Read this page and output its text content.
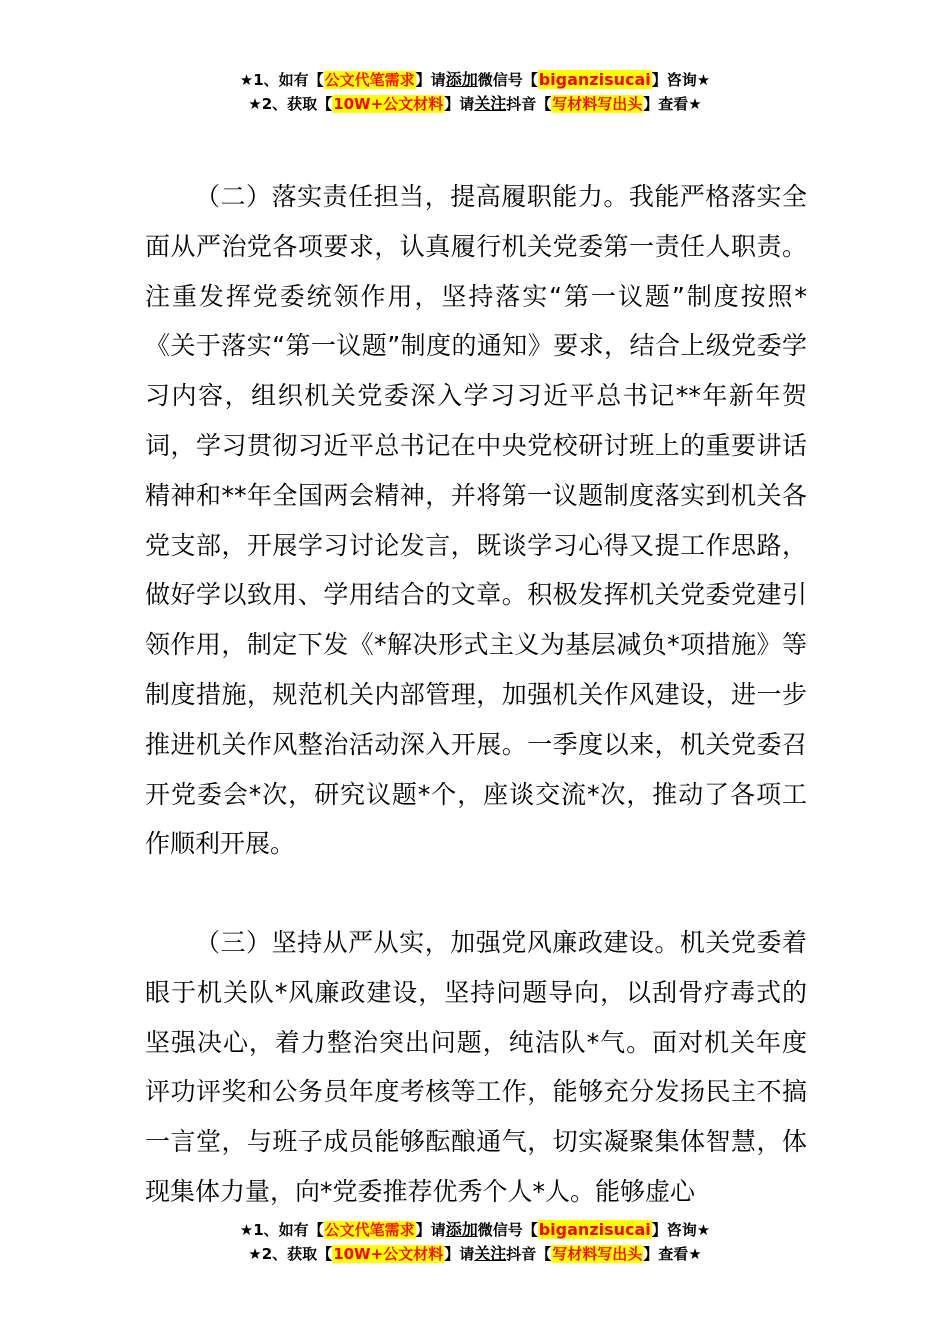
★1、如有【公文代笔需求】请添加微信号【biganzisucai】咨询★
★2、获取【10W+公文材料】请关注抖音【写材料写出头】查看★

（二）落实责任担当，提高履职能力。我能严格落实全面从严治党各项要求，认真履行机关党委第一责任人职责。注重发挥党委统领作用，坚持落实“第一议题”制度按照*《关于落实“第一议题”制度的通知》要求，结合上级党委学习内容，组织机关党委深入学习习近平总书记**年新年贺词，学习贯彻习近平总书记在中央党校研讨班上的重要讲话精神和**年全国两会精神，并将第一议题制度落实到机关各党支部，开展学习讨论发言，既谈学习心得又提工作思路，做好学以致用、学用结合的文章。积极发挥机关党委党建引领作用，制定下发《*解决形式主义为基层减负*项措施》等制度措施，规范机关内部管理，加强机关作风建设，进一步推进机关作风整治活动深入开展。一季度以来，机关党委召开党委会*次，研究议题*个，座谈交流*次，推动了各项工作顺利开展。

（三）坚持从严从实，加强党风廉政建设。机关党委着眼于机关队*风廉政建设，坚持问题导向，以刮骨疗毒式的坚强决心，着力整治突出问题，纯洁队*气。面对机关年度评功评奖和公务员年度考核等工作，能够充分发扬民主不搞一言堂，与班子成员能够酝酿通气，切实凝聚集体智慧，体现集体力量，向*党委推荐优秀个人*人。能够虚心

★1、如有【公文代笔需求】请添加微信号【biganzisucai】咨询★
★2、获取【10W+公文材料】请关注抖音【写材料写出头】查看★
